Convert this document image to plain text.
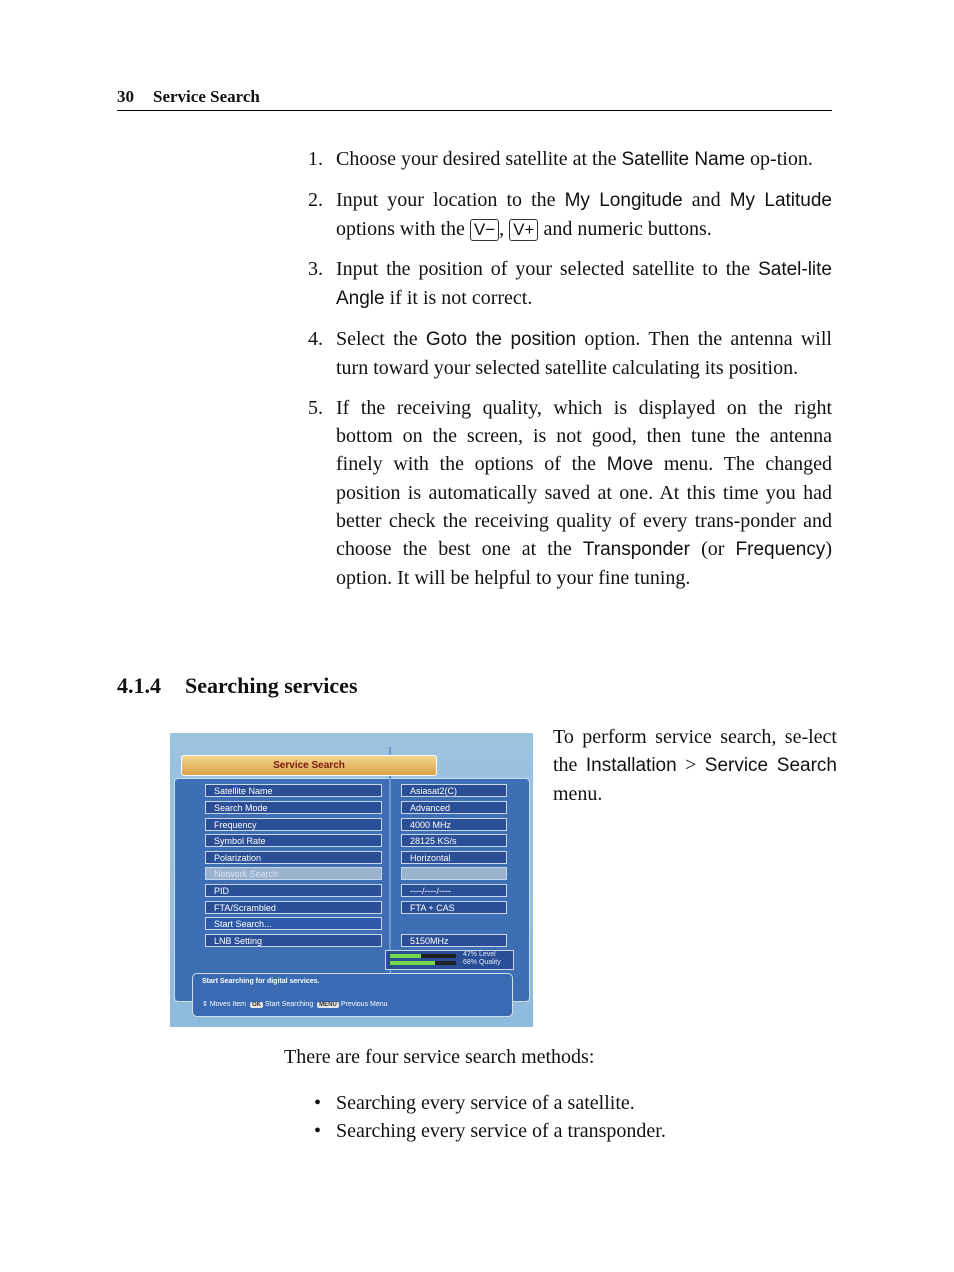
30 Service Search
1. Choose your desired satellite at the Satellite Name op-tion.
2. Input your location to the My Longitude and My Latitude options with the V− , V+ and numeric buttons.
3. Input the position of your selected satellite to the Satel-lite Angle if it is not correct.
4. Select the Goto the position option. Then the antenna will turn toward your selected satellite calculating its position.
5. If the receiving quality, which is displayed on the right bottom on the screen, is not good, then tune the antenna finely with the options of the Move menu. The changed position is automatically saved at one. At this time you had better check the receiving quality of every trans-ponder and choose the best one at the Transponder (or Frequency) option. It will be helpful to your fine tuning.
4.1.4 Searching services
Service Search
Satellite Name
Search Mode
Frequency
Symbol Rate
Polarization
Network Search
PID
FTA/Scrambled
Start Search...
LNB Setting
Asiasat2(C)
Advanced
4000 MHz
28125 KS/s
Horizontal
----/----/----
FTA + CAS
5150MHz
47% Level
68% Quality
Start Searching for digital services.
⇕ Moves Item OK Start Searching MENU Previous Menu
To perform service search, se-lect the Installation > Service Search menu.
There are four service search methods:
• Searching every service of a satellite.
• Searching every service of a transponder.
